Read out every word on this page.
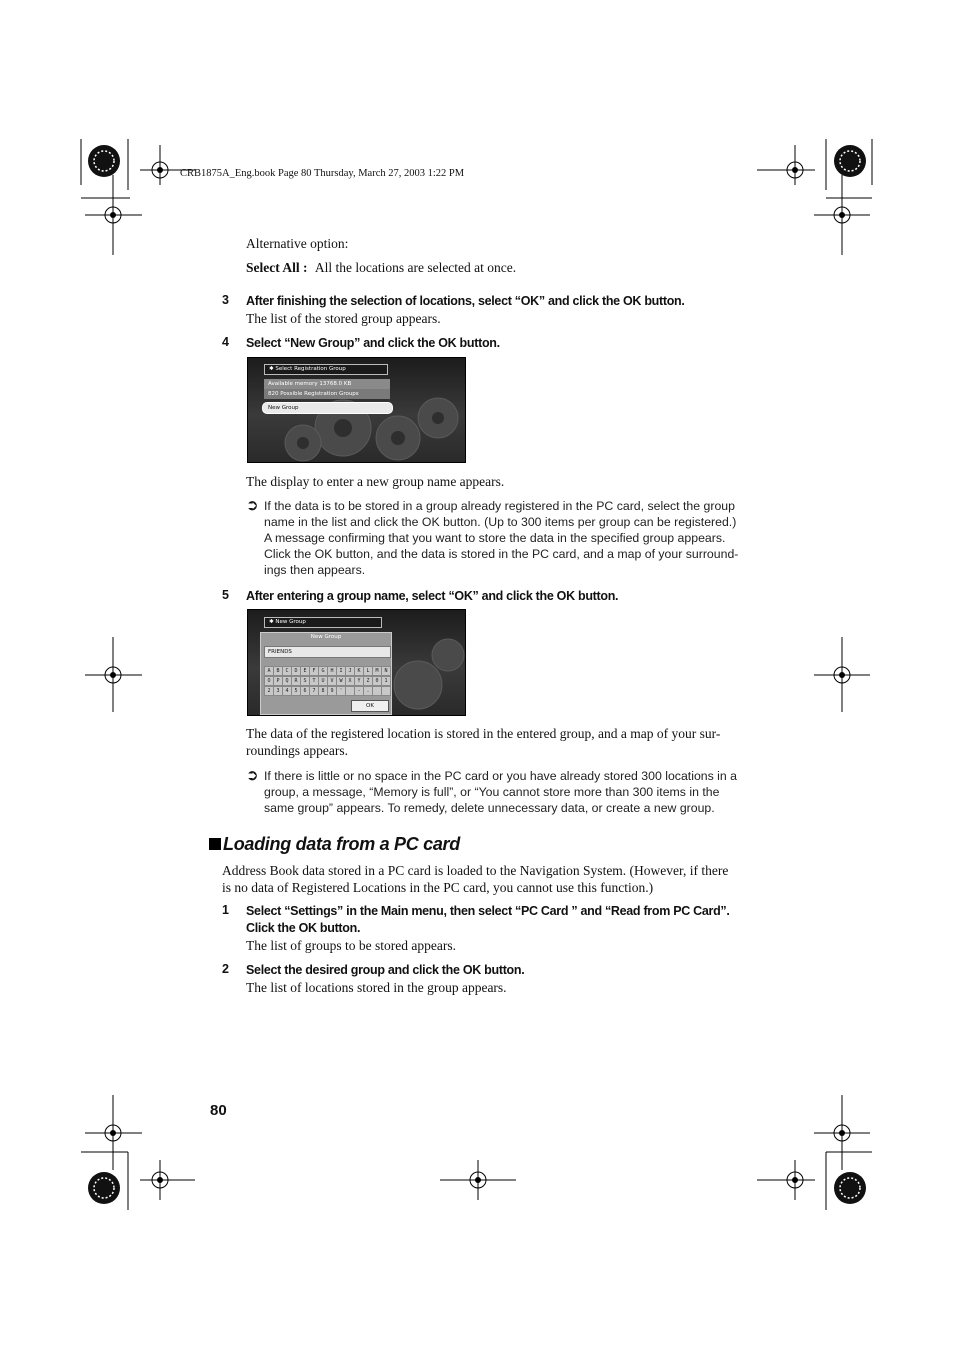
CRB1875A_Eng.book Page 80 Thursday, March 27, 2003 1:22 PM
Alternative option:
Select All : All the locations are selected at once.
3 After finishing the selection of locations, select “OK” and click the OK button.
The list of the stored group appears.
4 Select “New Group” and click the OK button.
✱ Select Registration Group
Available memory 13768.0 KB
820 Possible Registration Groups
New Group
The display to enter a new group name appears.
➲ If the data is to be stored in a group already registered in the PC card, select the group
name in the list and click the OK button. (Up to 300 items per group can be registered.)
A message confirming that you want to store the data in the specified group appears.
Click the OK button, and the data is stored in the PC card, and a map of your surround-
ings then appears.
5 After entering a group name, select “OK” and click the OK button.
✱ New Group
New Group
FRIENDS
A	B	C	D	E	F	G	H	I	J	K	L	M	N
O	P	Q	R	S	T	U	V	W	X	Y	Z	0	1
2	3	4	5	6	7	8	9	'	-	.
OK
The data of the registered location is stored in the entered group, and a map of your sur-
roundings appears.
➲ If there is little or no space in the PC card or you have already stored 300 locations in a
group, a message, “Memory is full”, or “You cannot store more than 300 items in the
same group” appears. To remedy, delete unnecessary data, or create a new group.
Loading data from a PC card
Address Book data stored in a PC card is loaded to the Navigation System. (However, if there
is no data of Registered Locations in the PC card, you cannot use this function.)
1 Select “Settings” in the Main menu, then select “PC Card ” and “Read from PC Card”.
Click the OK button.
The list of groups to be stored appears.
2 Select the desired group and click the OK button.
The list of locations stored in the group appears.
80
